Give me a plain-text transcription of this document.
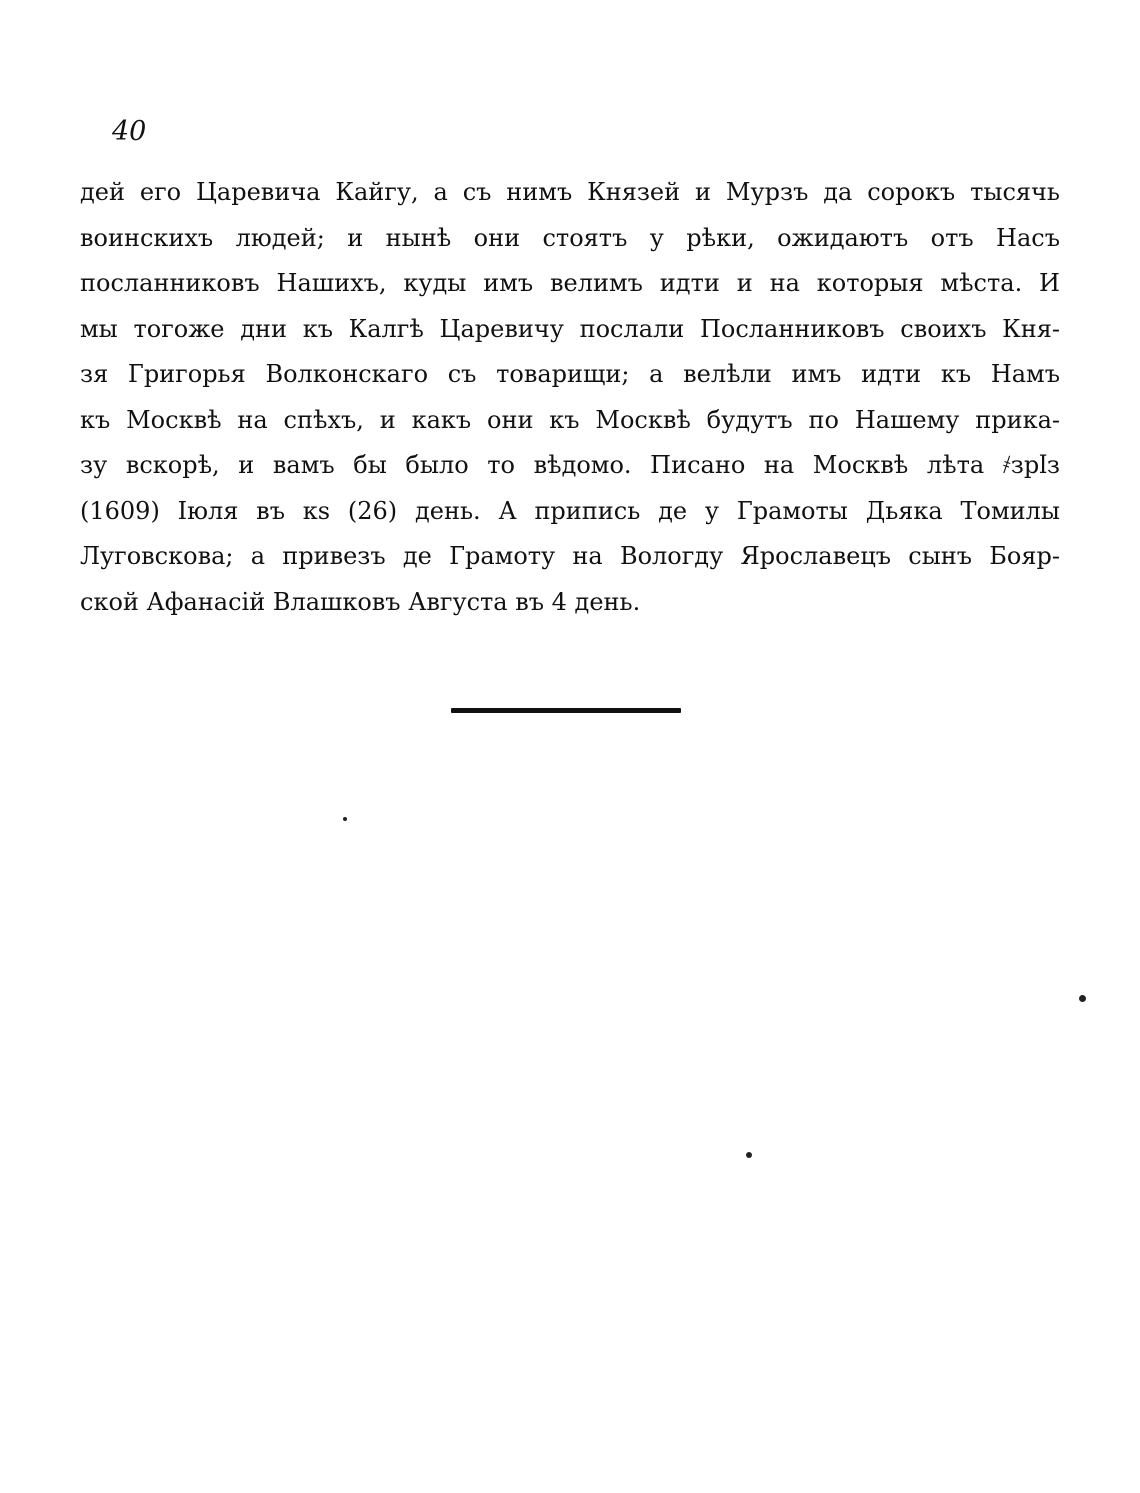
40
дей его Царевича Кайгу, а съ нимъ Князей и Мурзъ да сорокъ тысячь
воинскихъ людей; и нынѣ они стоятъ у рѣки, ожидаютъ отъ Насъ
посланниковъ Нашихъ, куды имъ велимъ идти и на которыя мѣста. И
мы тогоже дни къ Калгѣ Царевичу послали Посланниковъ своихъ Кня-
зя Григорья Волконскаго съ товарищи; а велѣли имъ идти къ Намъ
къ Москвѣ на спѣхъ, и какъ они къ Москвѣ будутъ по Нашему прика-
зу вскорѣ, и вамъ бы было то вѣдомо. Писано на Москвѣ лѣта ҂зрӏз
(1609) Іюля въ кѕ (26) день. А припись де у Грамоты Дьяка Томилы
Луговскова; а привезъ де Грамоту на Вологду Ярославецъ сынъ Бояр-
ской Афанасій Влашковъ Августа въ 4 день.
